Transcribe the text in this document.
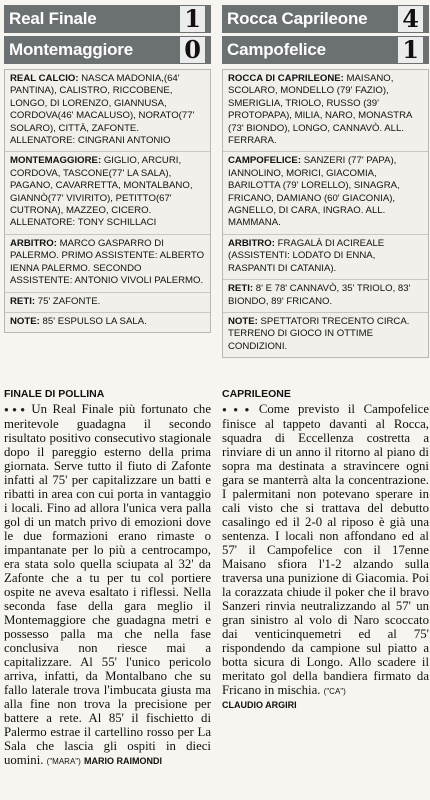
Real Finale	1
Montemaggiore 0
REAL CALCIO: NASCA MADONIA,(64' PANTINA), CALISTRO, RICCOBENE, LONGO, DI LORENZO, GIANNUSA, CORDOVA(46' MACALUSO), NORATO(77' SOLARO), CITTÀ, ZAFONTE. ALLENATORE: CINGRANI ANTONIO
MONTEMAGGIORE: GIGLIO, ARCURI, CORDOVA, TASCONE(77' LA SALA), PAGANO, CAVARRETTA, MONTALBANO, GIANNÒ(77' VIVIRITO), PETITTO(67' CUTRONA), MAZZEO, CICERO. ALLENATORE: TONY SCHILLACI
ARBITRO: MARCO GASPARRO DI PALERMO. PRIMO ASSISTENTE: ALBERTO IENNA PALERMO. SECONDO ASSISTENTE: ANTONIO VIVOLI PALERMO.
RETI: 75' ZAFONTE.
NOTE: 85' ESPULSO LA SALA.
Rocca Caprileone 4
Campofelice	1
ROCCA DI CAPRILEONE: MAISANO, SCOLARO, MONDELLO (79' FAZIO), SMERIGLIA, TRIOLO, RUSSO (39' PROTOPAPA), MILIA, NARO, MONASTRA (73' BIONDO), LONGO, CANNAVÒ. ALL. FERRARA.
CAMPOFELICE: SANZERI (77' PAPA), IANNOLINO, MORICI, GIACOMIA, BARILOTTA (79' LORELLO), SINAGRA, FRICANO, DAMIANO (60' GIACONIA), AGNELLO, DI CARA, INGRAO. ALL. MAMMANA.
ARBITRO: FRAGALÀ DI ACIREALE (ASSISTENTI: LODATO DI ENNA, RASPANTI DI CATANIA).
RETI: 8' E 78' CANNAVÒ, 35' TRIOLO, 83' BIONDO, 89' FRICANO.
NOTE: SPETTATORI TRECENTO CIRCA. TERRENO DI GIOCO IN OTTIME CONDIZIONI.
FINALE DI POLLINA
●●● Un Real Finale più fortunato che meritevole guadagna il secondo risultato positivo consecutivo stagionale dopo il pareggio esterno della prima giornata. Serve tutto il fiuto di Zafonte infatti al 75' per capitalizzare un batti e ribatti in area con cui porta in vantaggio i locali. Fino ad allora l'unica vera palla gol di un match privo di emozioni dove le due formazioni erano rimaste o impantanate per lo più a centrocampo, era stata solo quella sciupata al 32' da Zafonte che a tu per tu col portiere ospite ne aveva esaltato i riflessi. Nella seconda fase della gara meglio il Montemaggiore che guadagna metri e possesso palla ma che nella fase conclusiva non riesce mai a capitalizzare. Al 55' l'unico pericolo arriva, infatti, da Montalbano che su fallo laterale trova l'imbucata giusta ma alla fine non trova la precisione per battere a rete. Al 85' il fischietto di Palermo estrae il cartellino rosso per La Sala che lascia gli ospiti in dieci uomini. ("MARA") MARIO RAIMONDI
CAPRILEONE
●●● Come previsto il Campofelice finisce al tappeto davanti al Rocca, squadra di Eccellenza costretta a rinviare di un anno il ritorno al piano di sopra ma destinata a stravincere ogni gara se manterrà alta la concentrazione. I palermitani non potevano sperare in cali visto che si trattava del debutto casalingo ed il 2-0 al riposo è già una sentenza. I locali non affondano ed al 57' il Campofelice con il 17enne Maisano sfiora l'1-2 alzando sulla traversa una punizione di Giacomia. Poi la corazzata chiude il poker che il bravo Sanzeri rinvia neutralizzando al 57' un gran sinistro al volo di Naro scoccato dai venticinquemetri ed al 75' rispondendo da campione sul piatto a botta sicura di Longo. Allo scadere il meritato gol della bandiera firmato da Fricano in mischia. ("CA")
CLAUDIO ARGIRI
